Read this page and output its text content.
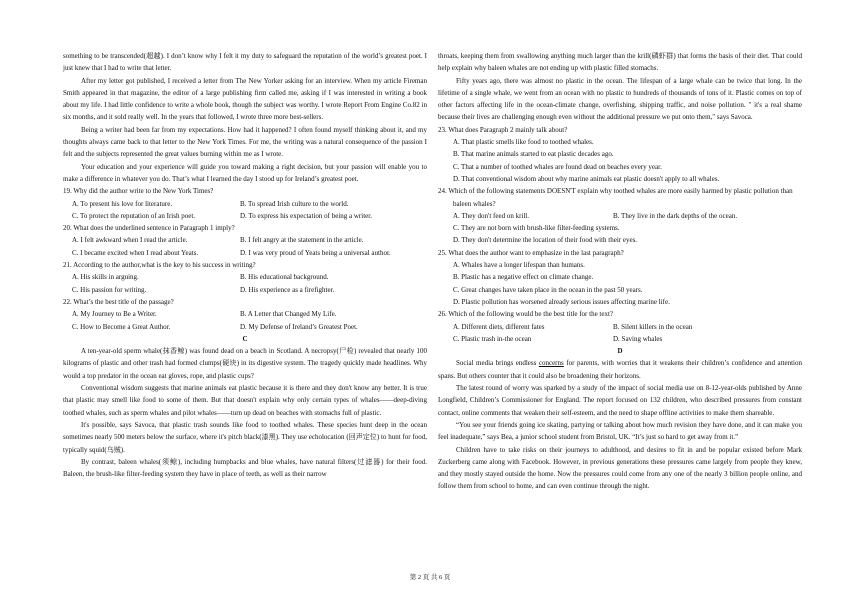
something to be transcended(超越). I don’t know why I felt it my duty to safeguard the reputation of the world’s greatest poet. I just knew that I had to write that letter.

After my letter got published, I received a letter from The New Yorker asking for an interview. When my article Fireman Smith appeared in that magazine, the editor of a large publishing firm called me, asking if I was interested in writing a book about my life. I had little confidence to write a whole book, though the subject was worthy. I wrote Report From Engine Co.82 in six months, and it sold really well. In the years that followed, I wrote three more best-sellers.

Being a writer had been far from my expectations. How had it happened? I often found myself thinking about it, and my thoughts always came back to that letter to the New York Times. For me, the writing was a natural consequence of the passion I felt and the subjects represented the great values burning within me as I wrote.

Your education and your experience will guide you toward making a right decision, but your passion will enable you to make a difference in whatever you do. That’s what I learned the day I stood up for Ireland’s greatest poet.

19. Why did the author write to the New York Times?

A. To present his love for literature.	B. To spread Irish culture to the world.
C. To protect the reputation of an Irish poet.	D. To express his expectation of being a writer.

20. What does the underlined sentence in Paragraph 1 imply?

A. I felt awkward when I read the article.	B. I felt angry at the statement in the article.
C. I became excited when I read about Yeats.	D. I was very proud of Yeats being a universal author.

21. According to the author,what is the key to his success in writing?

A. His skills in arguing.	B. His educational background.
C. His passion for writing.	D. His experience as a firefighter.

22. What’s the best title of the passage?

A. My Journey to Be a Writer.	B. A Letter that Changed My Life.
C. How to Become a Great Author.	D. My Defense of Ireland’s Greatest Poet.

C

A ten-year-old sperm whale(抹香鲸) was found dead on a beach in Scotland. A necropsy(尸检) revealed that nearly 100 kilograms of plastic and other trash had formed clumps(硬块) in its digestive system. The tragedy quickly made headlines. Why would a top predator in the ocean eat gloves, rope, and plastic cups?

Conventional wisdom suggests that marine animals eat plastic because it is there and they don't know any better. It is true that plastic may smell like food to some of them. But that doesn't explain why only certain types of whales——deep-diving toothed whales, such as sperm whales and pilot whales——turn up dead on beaches with stomachs full of plastic.

It's possible, says Savoca, that plastic trash sounds like food to toothed whales. These species hunt deep in the ocean sometimes nearly 500 meters below the surface, where it's pitch black(漆黑). They use echolocation (回声定位) to hunt for food, typically squid(乌贼).

By contrast, baleen whales(须鲸), including humpbacks and blue whales, have natural filters(过滤器) for their food. Baleen, the brush-like filter-feeding system they have in place of teeth, as well as their narrow

throats, keeping them from swallowing anything much larger than the krill(磷虾群) that forms the basis of their diet. That could help explain why baleen whales are not ending up with plastic filled stomachs.

Fifty years ago, there was almost no plastic in the ocean. The lifespan of a large whale can be twice that long. In the lifetime of a single whale, we went from an ocean with no plastic to hundreds of thousands of tons of it. Plastic comes on top of other factors affecting life in the ocean-climate change, overfishing, shipping traffic, and noise pollution. " it's a real shame because their lives are challenging enough even without the additional pressure we put onto them," says Savoca.

23. What does Paragraph 2 mainly talk about?

A. That plastic smells like food to toothed whales.

B. That marine animals started to eat plastic decades ago.

C. That a number of toothed whales are found dead on beaches every year.

D. That conventional wisdom about why marine animals eat plastic doesn't apply to all whales.

24. Which of the following statements DOESN'T explain why toothed whales are more easily harmed by plastic pollution than baleen whales?

A. They don't feed on krill.	B. They live in the dark depths of the ocean.

C. They are not born with brush-like filter-feeding systems.

D. They don't determine the location of their food with their eyes.

25. What does the author want to emphasize in the last paragraph?

A. Whales have a longer lifespan than humans.

B. Plastic has a negative effect on climate change.

C. Great changes have taken place in the ocean in the past 50 years.

D. Plastic pollution has worsened already serious issues affecting marine life.

26. Which of the following would be the best title for the text?

A. Different diets, different fates	B. Silent killers in the ocean
C. Plastic trash in-the ocean	D. Saving whales

D

Social media brings endless concerns for parents, with worries that it weakens their children’s confidence and attention spans. But others counter that it could also be broadening their horizons.

The latest round of worry was sparked by a study of the impact of social media use on 8-12-year-olds published by Anne Longfield, Children’s Commissioner for England. The report focused on 132 children, who described pressures from constant contact, online comments that weaken their self-esteem, and the need to shape offline activities to make them shareable.

“You see your friends going ice skating, partying or talking about how much revision they have done, and it can make you feel inadequate,” says Bea, a junior school student from Bristol, UK. “It’s just so hard to get away from it.”

Children have to take risks on their journeys to adulthood, and desires to fit in and be popular existed before Mark Zuckerberg came along with Facebook. However, in previous generations these pressures came largely from people they knew, and they mostly stayed outside the home. Now the pressures could come from any one of the nearly 3 billion people online, and follow them from school to home, and can even continue through the night.

第 2 页 共 6 页
